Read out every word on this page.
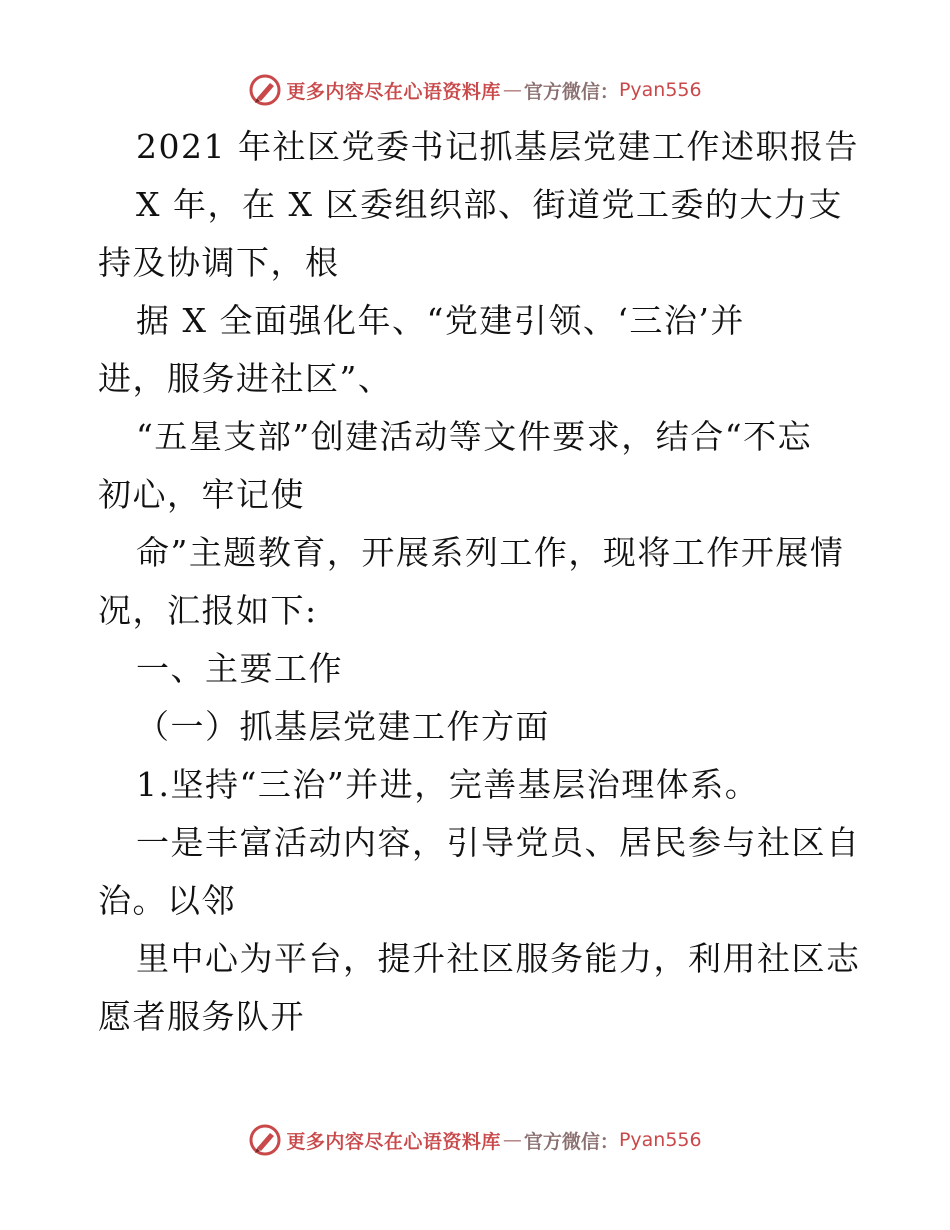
更多内容尽在心语资料库 — 官方微信： Pyan556
2021 年社区党委书记抓基层党建工作述职报告
X 年，在 X 区委组织部、街道党工委的大力支
持及协调下，根
据 X 全面强化年、“党建引领、‘三治’并
进，服务进社区”、
“五星支部”创建活动等文件要求，结合“不忘
初心，牢记使
命”主题教育，开展系列工作，现将工作开展情
况，汇报如下:
一、主要工作
（一）抓基层党建工作方面
1.坚持“三治”并进，完善基层治理体系。
一是丰富活动内容，引导党员、居民参与社区自
治。以邻
里中心为平台，提升社区服务能力，利用社区志
愿者服务队开
更多内容尽在心语资料库 — 官方微信： Pyan556
